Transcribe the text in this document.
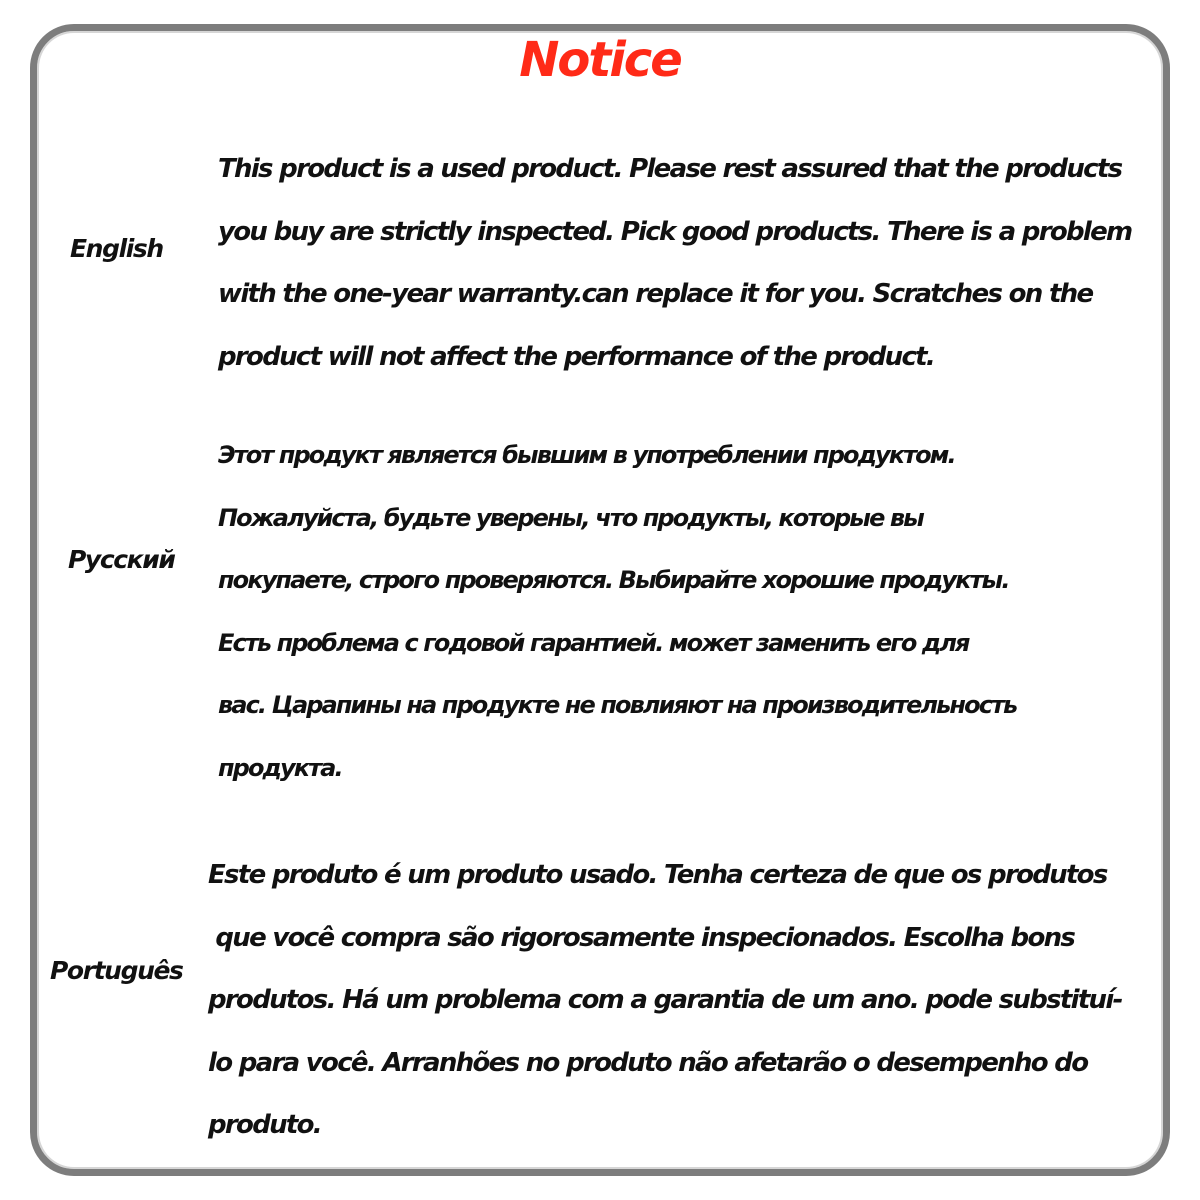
Notice
English
This product is a used product. Please rest assured that the products
you buy are strictly inspected. Pick good products. There is a problem
with the one-year warranty.can replace it for you. Scratches on the
product will not affect the performance of the product.
Русский
Этот продукт является бывшим в употреблении продуктом.
Пожалуйста, будьте уверены, что продукты, которые вы
покупаете, строго проверяются. Выбирайте хорошие продукты.
Есть проблема с годовой гарантией. может заменить его для
вас. Царапины на продукте не повлияют на производительность
продукта.
Português
Este produto é um produto usado. Tenha certeza de que os produtos
que você compra são rigorosamente inspecionados. Escolha bons
produtos. Há um problema com a garantia de um ano. pode substituí-
lo para você. Arranhões no produto não afetarão o desempenho do
produto.
